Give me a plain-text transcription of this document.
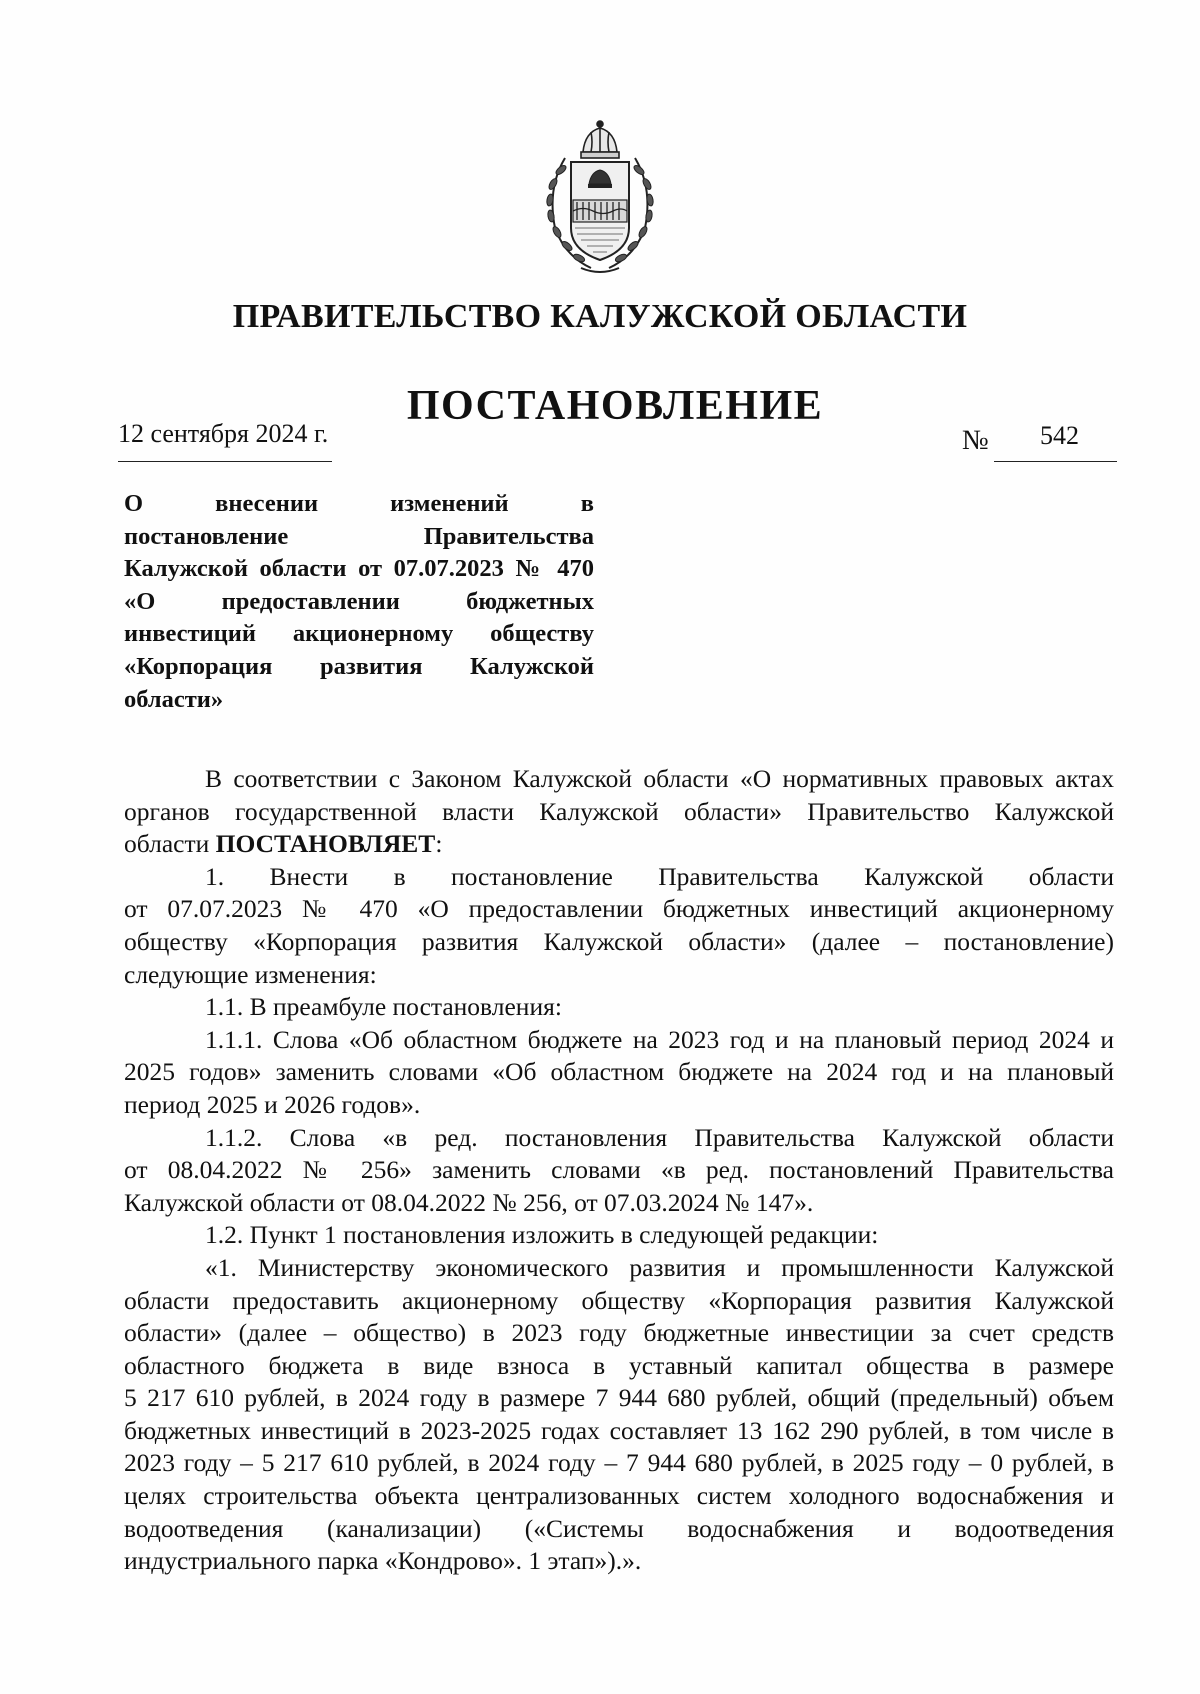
ПРАВИТЕЛЬСТВО КАЛУЖСКОЙ ОБЛАСТИ
ПОСТАНОВЛЕНИЕ
12 сентября 2024 г.	№ 542
О внесении изменений в
постановление Правительства
Калужской области от 07.07.2023 № 470
«О предоставлении бюджетных
инвестиций акционерному обществу
«Корпорация развития Калужской
области»
В соответствии с Законом Калужской области «О нормативных правовых актах
органов государственной власти Калужской области» Правительство Калужской
области ПОСТАНОВЛЯЕТ:
1. Внести в постановление Правительства Калужской области
от 07.07.2023 № 470 «О предоставлении бюджетных инвестиций акционерному
обществу «Корпорация развития Калужской области» (далее – постановление)
следующие изменения:
1.1. В преамбуле постановления:
1.1.1. Слова «Об областном бюджете на 2023 год и на плановый период 2024 и
2025 годов» заменить словами «Об областном бюджете на 2024 год и на плановый
период 2025 и 2026 годов».
1.1.2. Слова «в ред. постановления Правительства Калужской области
от 08.04.2022 № 256» заменить словами «в ред. постановлений Правительства
Калужской области от 08.04.2022 № 256, от 07.03.2024 № 147».
1.2. Пункт 1 постановления изложить в следующей редакции:
«1. Министерству экономического развития и промышленности Калужской
области предоставить акционерному обществу «Корпорация развития Калужской
области» (далее – общество) в 2023 году бюджетные инвестиции за счет средств
областного бюджета в виде взноса в уставный капитал общества в размере
5 217 610 рублей, в 2024 году в размере 7 944 680 рублей, общий (предельный) объем
бюджетных инвестиций в 2023-2025 годах составляет 13 162 290 рублей, в том числе в
2023 году – 5 217 610 рублей, в 2024 году – 7 944 680 рублей, в 2025 году – 0 рублей, в
целях строительства объекта централизованных систем холодного водоснабжения и
водоотведения (канализации) («Системы водоснабжения и водоотведения
индустриального парка «Кондрово». 1 этап»).».
